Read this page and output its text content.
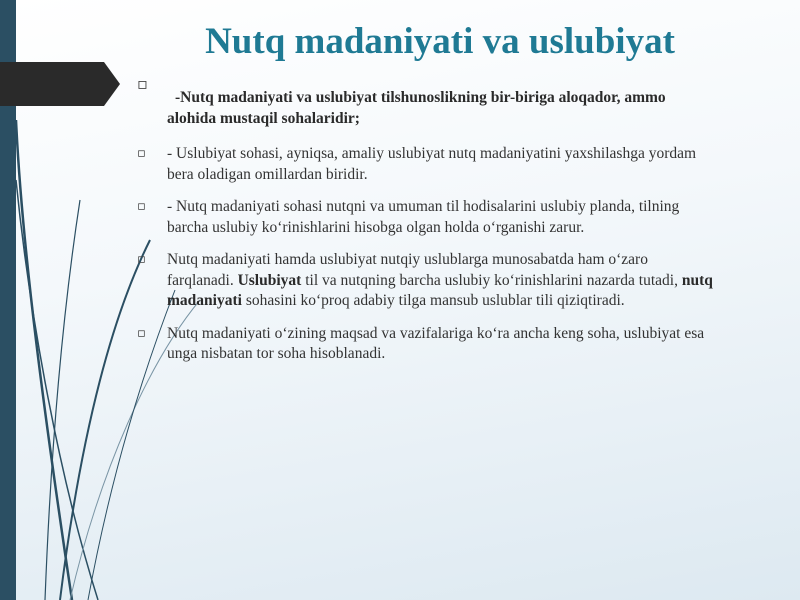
Nutq madaniyati va uslubiyat
▫
-Nutq madaniyati va uslubiyat tilshunoslikning bir-biriga aloqador, ammo alohida mustaqil sohalaridir;
▫ - Uslubiyat sohasi, ayniqsa, amaliy uslubiyat nutq madaniyatini yaxshilashga yordam bera oladigan omillardan biridir.
▫ - Nutq madaniyati sohasi nutqni va umuman til hodisalarini uslubiy planda, tilning barcha uslubiy ko‘rinishlarini hisobga olgan holda o‘rganishi zarur.
▫ Nutq madaniyati hamda uslubiyat nutqiy uslublarga munosabatda ham o‘zaro farqlanadi. Uslubiyat til va nutqning barcha uslubiy ko‘rinishlarini nazarda tutadi, nutq madaniyati sohasini ko‘proq adabiy tilga mansub uslublar tili qiziqtiradi.
▫ Nutq madaniyati o‘zining maqsad va vazifalariga ko‘ra ancha keng soha, uslubiyat esa unga nisbatan tor soha hisoblanadi.
